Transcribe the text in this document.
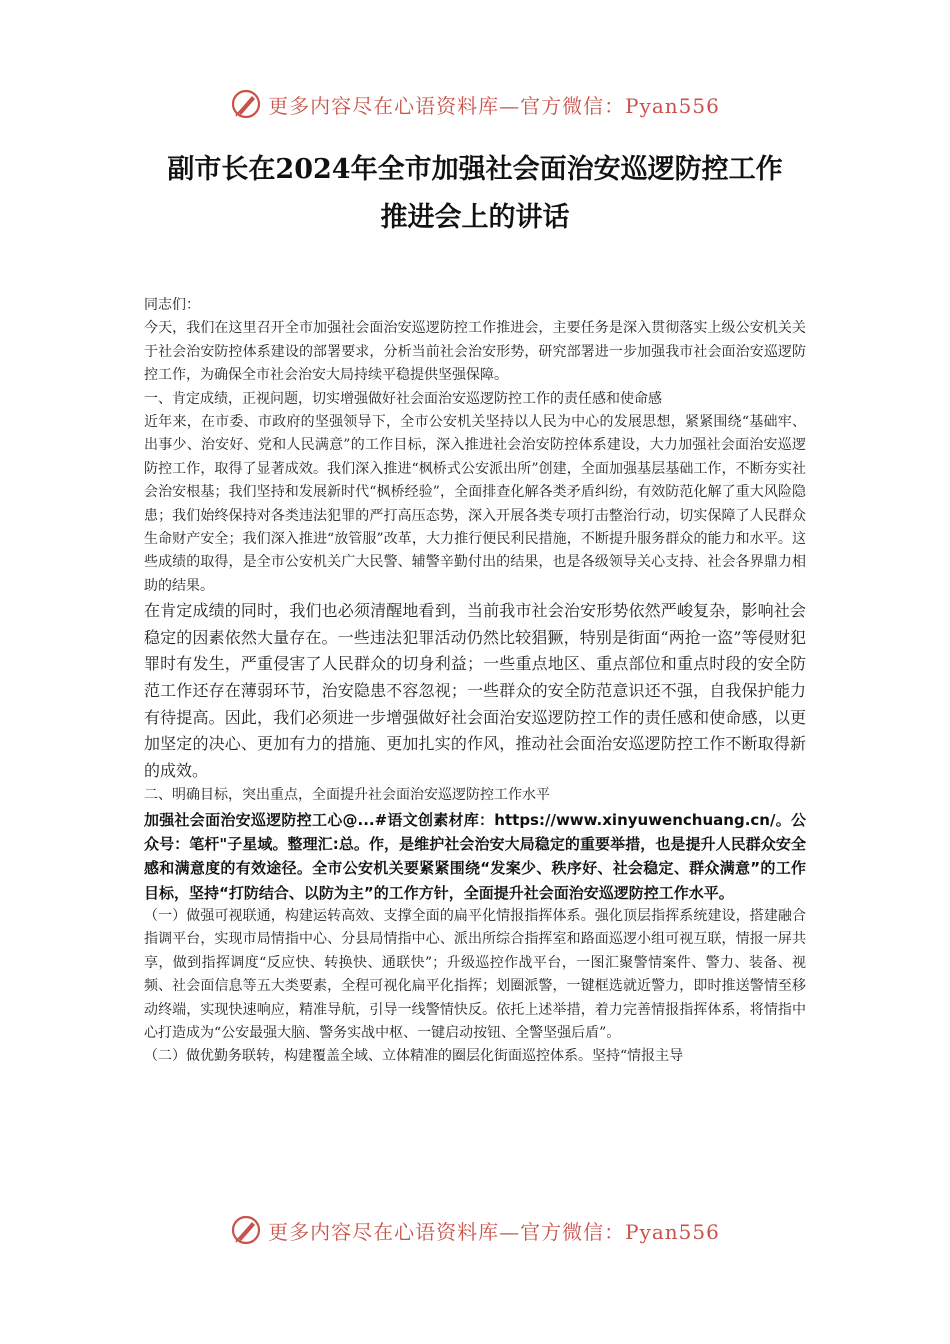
更多内容尽在心语资料库—官方微信：Pyan556
副市长在2024年全市加强社会面治安巡逻防控工作
推进会上的讲话

同志们：

今天，我们在这里召开全市加强社会面治安巡逻防控工作推进会，主要任务是深入贯彻落实上级公安机关关于社会治安防控体系建设的部署要求，分析当前社会治安形势，研究部署进一步加强我市社会面治安巡逻防控工作，为确保全市社会治安大局持续平稳提供坚强保障。

一、肯定成绩，正视问题，切实增强做好社会面治安巡逻防控工作的责任感和使命感

近年来，在市委、市政府的坚强领导下，全市公安机关坚持以人民为中心的发展思想，紧紧围绕“基础牢、出事少、治安好、党和人民满意”的工作目标，深入推进社会治安防控体系建设，大力加强社会面治安巡逻防控工作，取得了显著成效。我们深入推进“枫桥式公安派出所”创建，全面加强基层基础工作，不断夯实社会治安根基；我们坚持和发展新时代“枫桥经验”，全面排查化解各类矛盾纠纷，有效防范化解了重大风险隐患；我们始终保持对各类违法犯罪的严打高压态势，深入开展各类专项打击整治行动，切实保障了人民群众生命财产安全；我们深入推进“放管服”改革，大力推行便民利民措施，不断提升服务群众的能力和水平。这些成绩的取得，是全市公安机关广大民警、辅警辛勤付出的结果，也是各级领导关心支持、社会各界鼎力相助的结果。

在肯定成绩的同时，我们也必须清醒地看到，当前我市社会治安形势依然严峻复杂，影响社会稳定的因素依然大量存在。一些违法犯罪活动仍然比较猖獗，特别是街面“两抢一盗”等侵财犯罪时有发生，严重侵害了人民群众的切身利益；一些重点地区、重点部位和重点时段的安全防范工作还存在薄弱环节，治安隐患不容忽视；一些群众的安全防范意识还不强，自我保护能力有待提高。因此，我们必须进一步增强做好社会面治安巡逻防控工作的责任感和使命感，以更加坚定的决心、更加有力的措施、更加扎实的作风，推动社会面治安巡逻防控工作不断取得新的成效。

二、明确目标，突出重点，全面提升社会面治安巡逻防控工作水平

加强社会面治安巡逻防控工心@...#语文创素材库：https://www.xinyuwenchuang.cn/。公众号：笔杆"子星域。整理汇:总。作，是维护社会治安大局稳定的重要举措，也是提升人民群众安全感和满意度的有效途径。全市公安机关要紧紧围绕“发案少、秩序好、社会稳定、群众满意”的工作目标，坚持“打防结合、以防为主”的工作方针，全面提升社会面治安巡逻防控工作水平。

（一）做强可视联通，构建运转高效、支撑全面的扁平化情报指挥体系。强化顶层指挥系统建设，搭建融合指调平台，实现市局情指中心、分县局情指中心、派出所综合指挥室和路面巡逻小组可视互联，情报一屏共享，做到指挥调度“反应快、转换快、通联快”；升级巡控作战平台，一图汇聚警情案件、警力、装备、视频、社会面信息等五大类要素，全程可视化扁平化指挥；划圈派警，一键框选就近警力，即时推送警情至移动终端，实现快速响应，精准导航，引导一线警情快反。依托上述举措，着力完善情报指挥体系，将情指中心打造成为“公安最强大脑、警务实战中枢、一键启动按钮、全警坚强后盾”。

（二）做优勤务联转，构建覆盖全域、立体精准的圈层化街面巡控体系。坚持“情报主导

更多内容尽在心语资料库—官方微信：Pyan556
